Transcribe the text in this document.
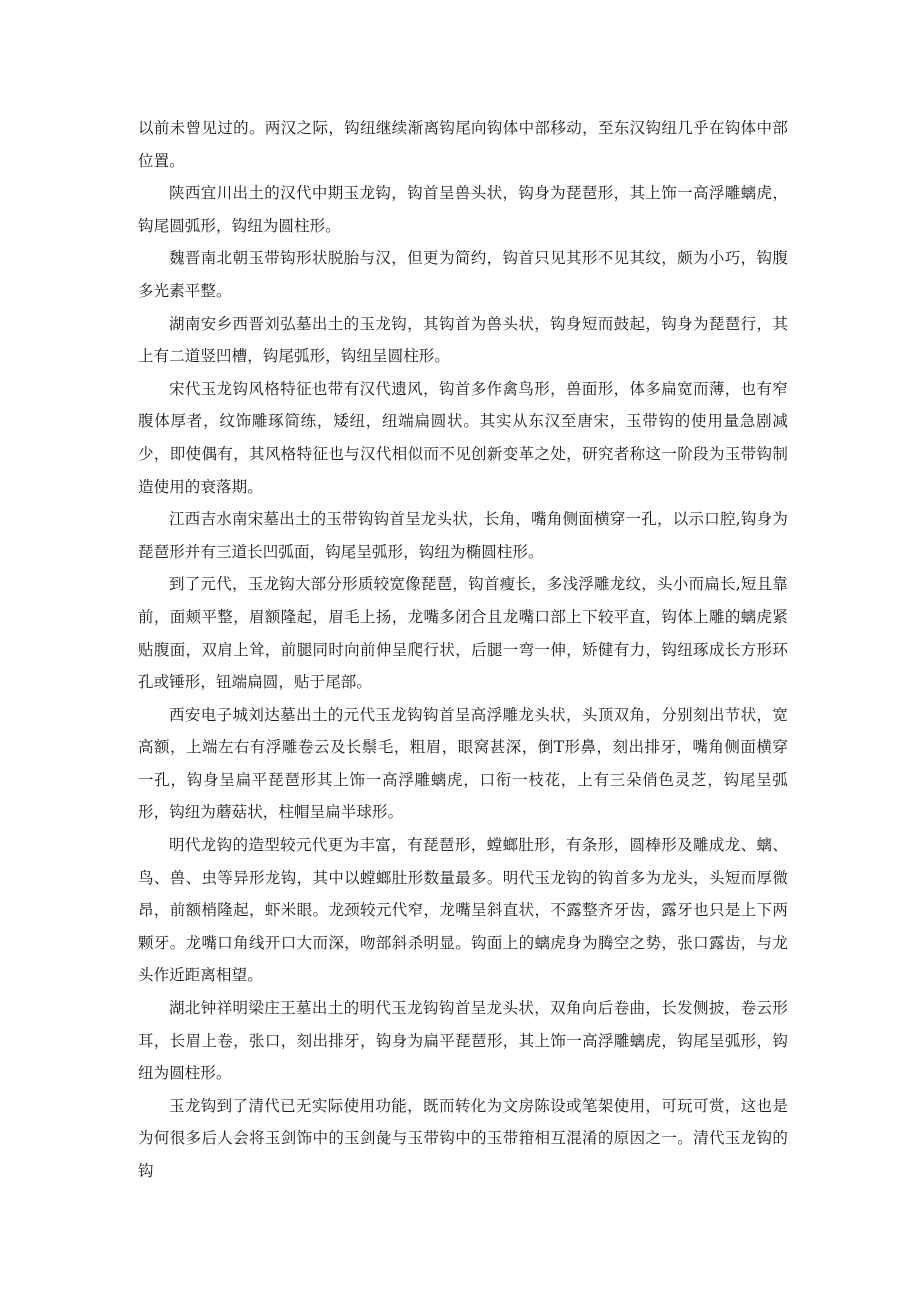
以前未曾见过的。两汉之际，钩纽继续渐离钩尾向钩体中部移动，至东汉钩纽几乎在钩体中部位置。

陕西宜川出土的汉代中期玉龙钩，钩首呈兽头状，钩身为琵琶形，其上饰一高浮雕螭虎，钩尾圆弧形，钩纽为圆柱形。

魏晋南北朝玉带钩形状脱胎与汉，但更为简约，钩首只见其形不见其纹，颇为小巧，钩腹多光素平整。

湖南安乡西晋刘弘墓出土的玉龙钩，其钩首为兽头状，钩身短而鼓起，钩身为琵琶行，其上有二道竖凹槽，钩尾弧形，钩纽呈圆柱形。

宋代玉龙钩风格特征也带有汉代遗风，钩首多作禽鸟形，兽面形，体多扁宽而薄，也有窄腹体厚者，纹饰雕琢简练，矮纽，纽端扁圆状。其实从东汉至唐宋，玉带钩的使用量急剧减少，即使偶有，其风格特征也与汉代相似而不见创新变革之处，研究者称这一阶段为玉带钩制造使用的衰落期。

江西吉水南宋墓出土的玉带钩钩首呈龙头状，长角，嘴角侧面横穿一孔，以示口腔,钩身为琵琶形并有三道长凹弧面，钩尾呈弧形，钩纽为椭圆柱形。

到了元代，玉龙钩大部分形质较宽像琵琶，钩首瘦长，多浅浮雕龙纹，头小而扁长,短且靠前，面颊平整，眉额隆起，眉毛上扬，龙嘴多闭合且龙嘴口部上下较平直，钩体上雕的螭虎紧贴腹面，双肩上耸，前腿同时向前伸呈爬行状，后腿一弯一伸，矫健有力，钩纽琢成长方形环孔或锤形，钮端扁圆，贴于尾部。

西安电子城刘达墓出土的元代玉龙钩钩首呈高浮雕龙头状，头顶双角，分别刻出节状，宽高额，上端左右有浮雕卷云及长鬃毛，粗眉，眼窝甚深，倒T形鼻，刻出排牙，嘴角侧面横穿一孔，钩身呈扁平琵琶形其上饰一高浮雕螭虎，口衔一枝花，上有三朵俏色灵芝，钩尾呈弧形，钩纽为蘑菇状，柱帽呈扁半球形。

明代龙钩的造型较元代更为丰富，有琵琶形，螳螂肚形，有条形，圆棒形及雕成龙、螭、鸟、兽、虫等异形龙钩，其中以螳螂肚形数量最多。明代玉龙钩的钩首多为龙头，头短而厚微昂，前额梢隆起，虾米眼。龙颈较元代窄，龙嘴呈斜直状，不露整齐牙齿，露牙也只是上下两颗牙。龙嘴口角线开口大而深，吻部斜杀明显。钩面上的螭虎身为腾空之势，张口露齿，与龙头作近距离相望。

湖北钟祥明梁庄王墓出土的明代玉龙钩钩首呈龙头状，双角向后卷曲，长发侧披，卷云形耳，长眉上卷，张口，刻出排牙，钩身为扁平琵琶形，其上饰一高浮雕螭虎，钩尾呈弧形，钩纽为圆柱形。

玉龙钩到了清代已无实际使用功能，既而转化为文房陈设或笔架使用，可玩可赏，这也是为何很多后人会将玉剑饰中的玉剑彘与玉带钩中的玉带箝相互混淆的原因之一。清代玉龙钩的钩
